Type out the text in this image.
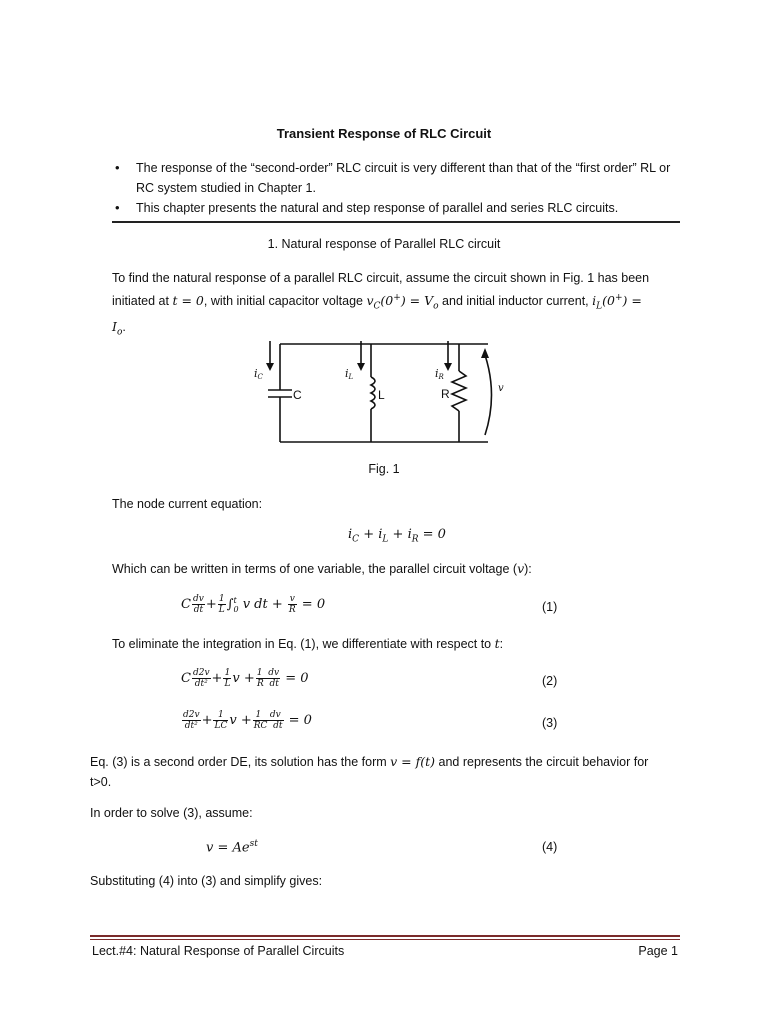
Transient Response of RLC Circuit
• The response of the “second-order” RLC circuit is very different than that of the “first order” RL or RC system studied in Chapter 1.
• This chapter presents the natural and step response of parallel and series RLC circuits.
1. Natural response of Parallel RLC circuit
To find the natural response of a parallel RLC circuit, assume the circuit shown in Fig. 1 has been
initiated at t = 0, with initial capacitor voltage $v_C(0^+) = V_o$ and initial inductor current, $i_L(0^+)$ =
$I_o$.
iC	iL	iR
v
C	L	R
Fig. 1
The node current equation:
$i_C + i_L + i_R = 0$
Which can be written in terms of one variable, the parallel circuit voltage (v):
C $\frac{dv}{dt} + \frac{1}{L}$ ∫ t
0 v dt + $\frac{v}{R} = 0$	(1)
To eliminate the integration in Eq. (1), we differentiate with respect to t:
C $\frac{d2v}{\text{dt²}} + \frac{1}{L}$ $v + \frac{1 dv}{\text{R  dt}} = 0$	(2)
$\frac{d2v}{\text{dt²}} + \frac{1}{LC}$ $v + \frac{1 dv}{\text{RC  dt}} = 0$	(3)
Eq. (3) is a second order DE, its solution has the form v = f(t) and represents the circuit behavior for
t>0.
In order to solve (3), assume:
$v = Ae^{st}$	(4)
Substituting (4) into (3) and simplify gives:
Lect.#4: Natural Response of Parallel Circuits	Page 1
